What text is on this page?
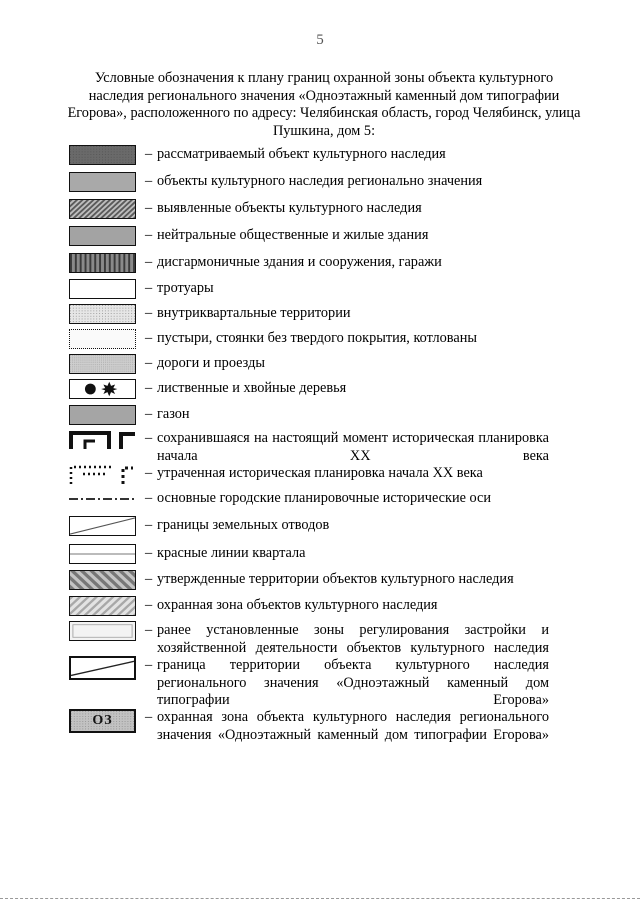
5
Условные обозначения к плану границ охранной зоны объекта культурного наследия регионального значения «Одноэтажный каменный дом типографии Егорова», расположенного по адресу: Челябинская область, город Челябинск, улица Пушкина, дом 5:
– рассматриваемый объект культурного наследия
– объекты культурного наследия регионально значения
– выявленные объекты культурного наследия
– нейтральные общественные и жилые здания
– дисгармоничные здания и сооружения, гаражи
– тротуары
– внутриквартальные территории
– пустыри, стоянки без твердого покрытия, котлованы
– дороги и проезды
– лиственные и хвойные деревья
– газон
– сохранившаяся на настоящий момент историческая планировка начала XX века
– утраченная историческая планировка начала XX века
– основные городские планировочные исторические оси
– границы земельных отводов
– красные линии квартала
– утвержденные территории объектов культурного наследия
– охранная зона объектов культурного наследия
– ранее установленные зоны регулирования застройки и хозяйственной деятельности объектов культурного наследия
– граница территории объекта культурного наследия регионального значения «Одноэтажный каменный дом типографии Егорова»
ОЗ	– охранная зона объекта культурного наследия регионального значения «Одноэтажный каменный дом типографии Егорова»
